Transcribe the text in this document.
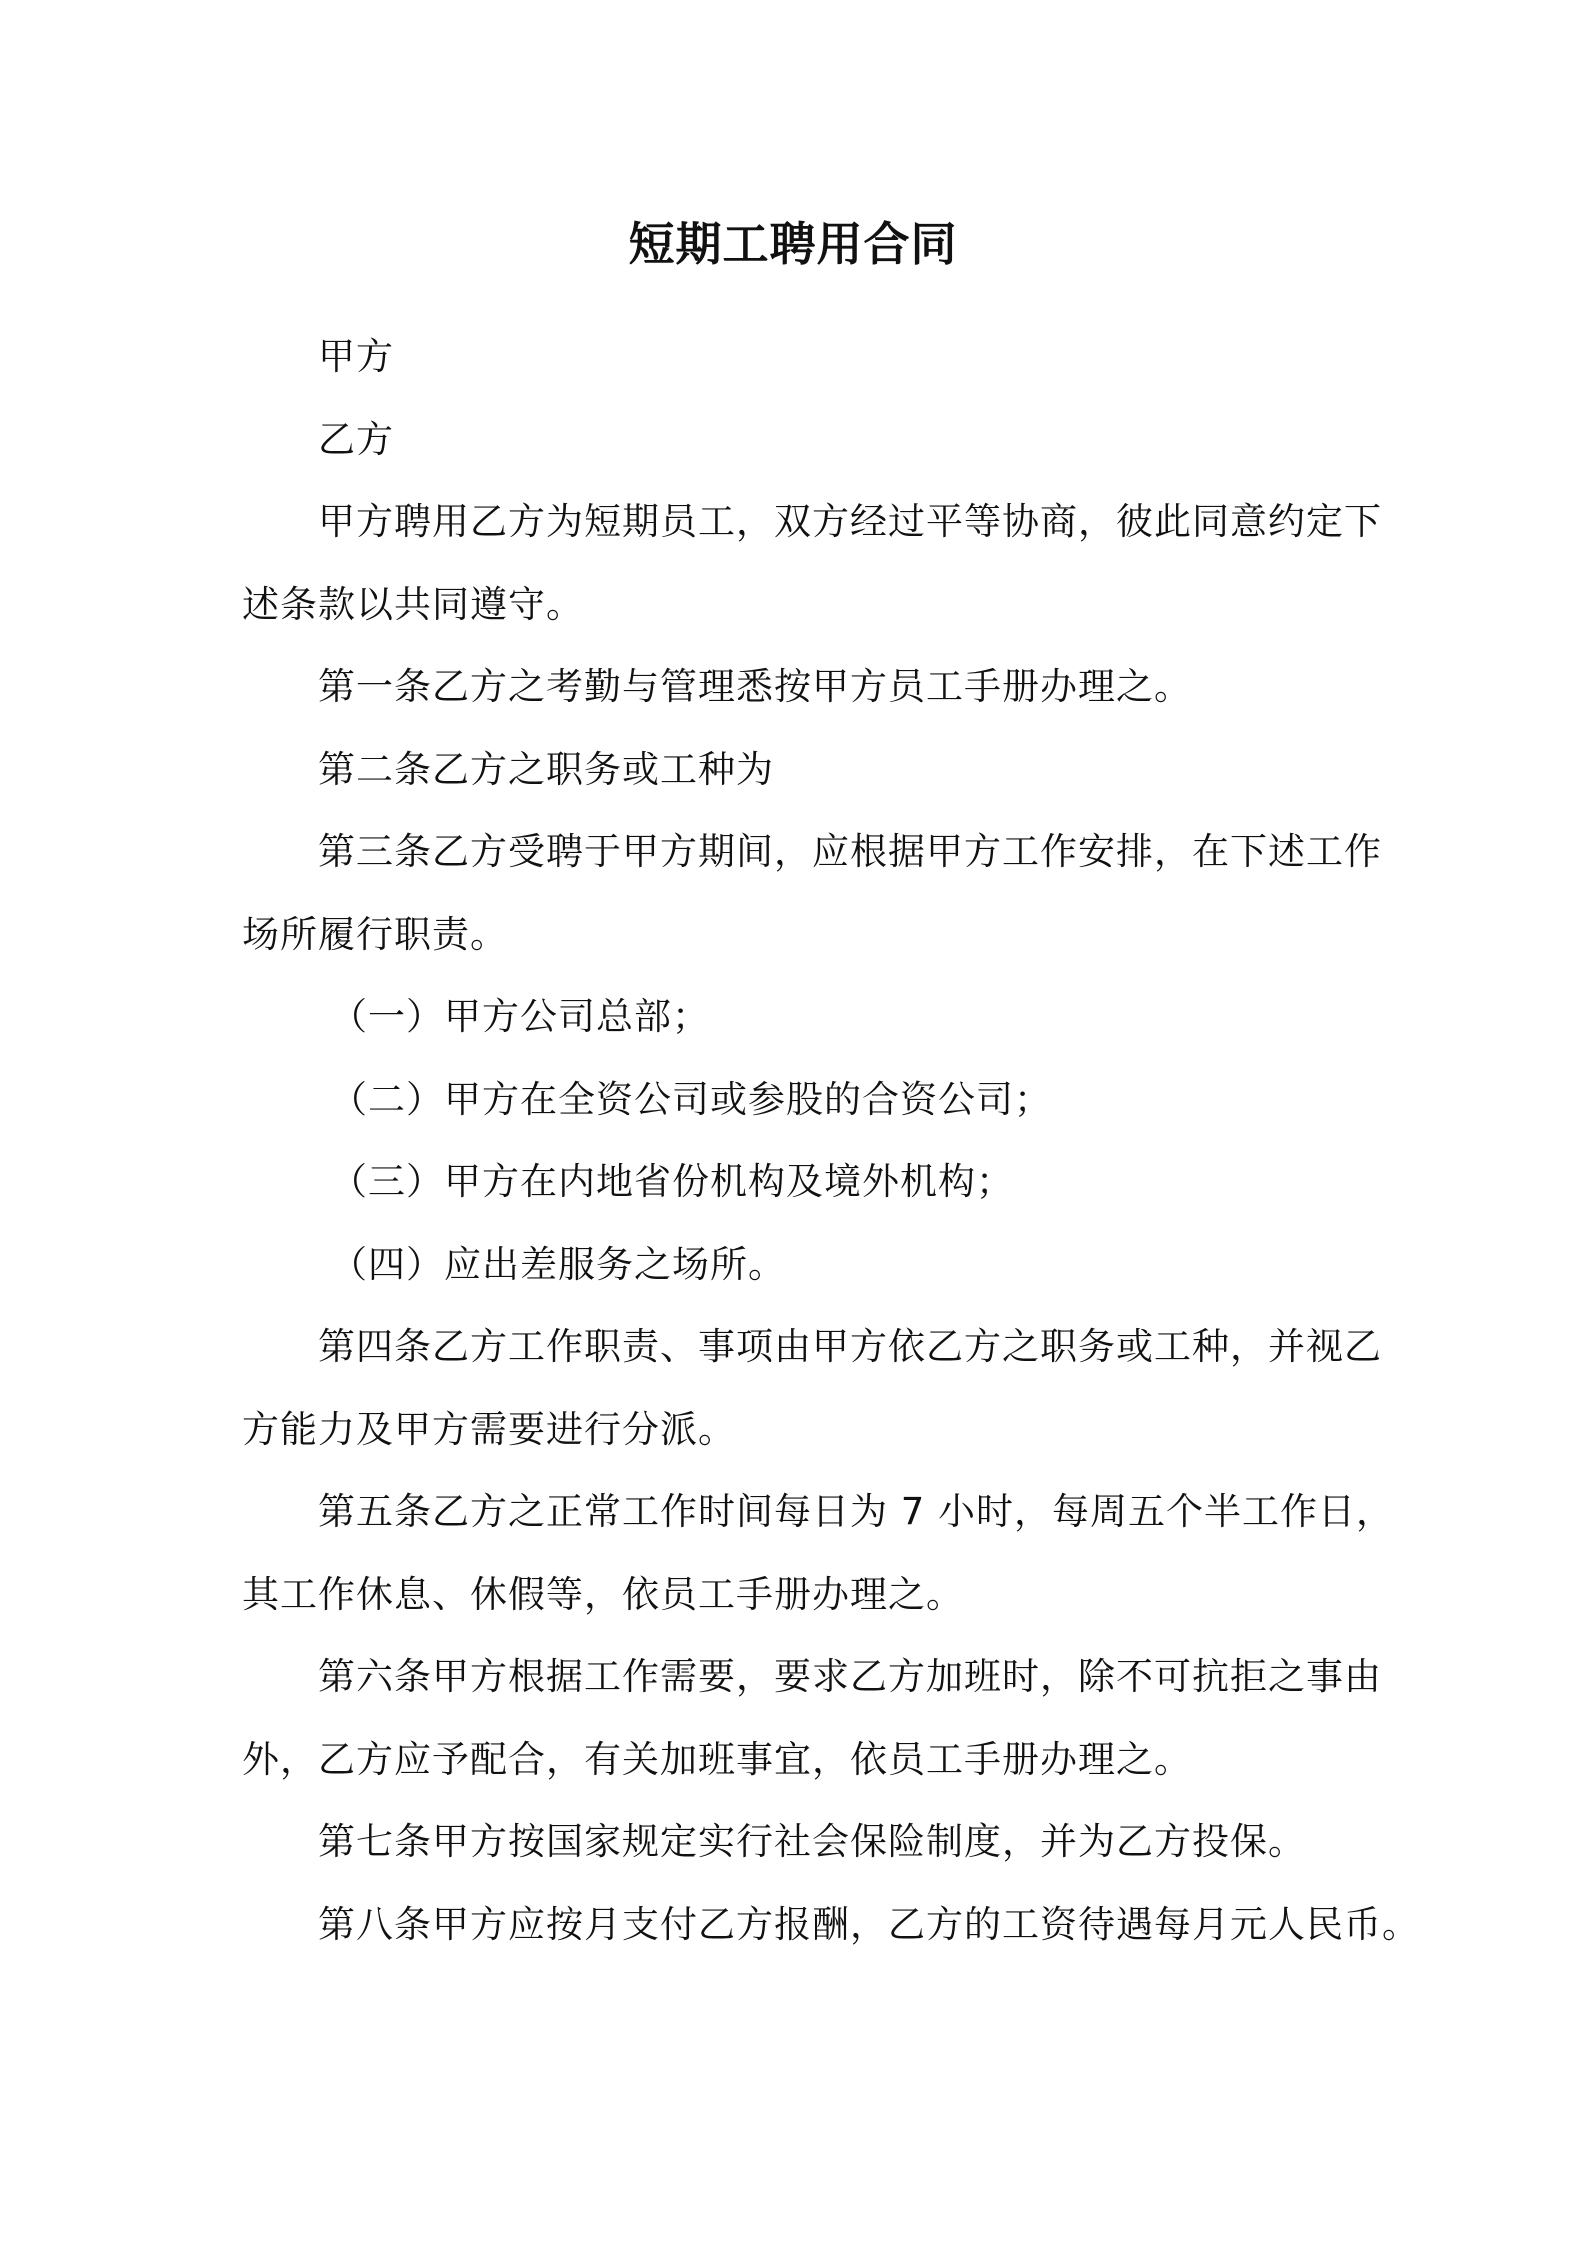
短期工聘用合同

甲方

乙方

甲方聘用乙方为短期员工，双方经过平等协商，彼此同意约定下

述条款以共同遵守。

第一条乙方之考勤与管理悉按甲方员工手册办理之。

第二条乙方之职务或工种为

第三条乙方受聘于甲方期间，应根据甲方工作安排，在下述工作

场所履行职责。

（一）甲方公司总部；

（二）甲方在全资公司或参股的合资公司；

（三）甲方在内地省份机构及境外机构；

（四）应出差服务之场所。

第四条乙方工作职责、事项由甲方依乙方之职务或工种，并视乙

方能力及甲方需要进行分派。

第五条乙方之正常工作时间每日为 7 小时，每周五个半工作日，

其工作休息、休假等，依员工手册办理之。

第六条甲方根据工作需要，要求乙方加班时，除不可抗拒之事由

外，乙方应予配合，有关加班事宜，依员工手册办理之。

第七条甲方按国家规定实行社会保险制度，并为乙方投保。

第八条甲方应按月支付乙方报酬，乙方的工资待遇每月元人民币。
